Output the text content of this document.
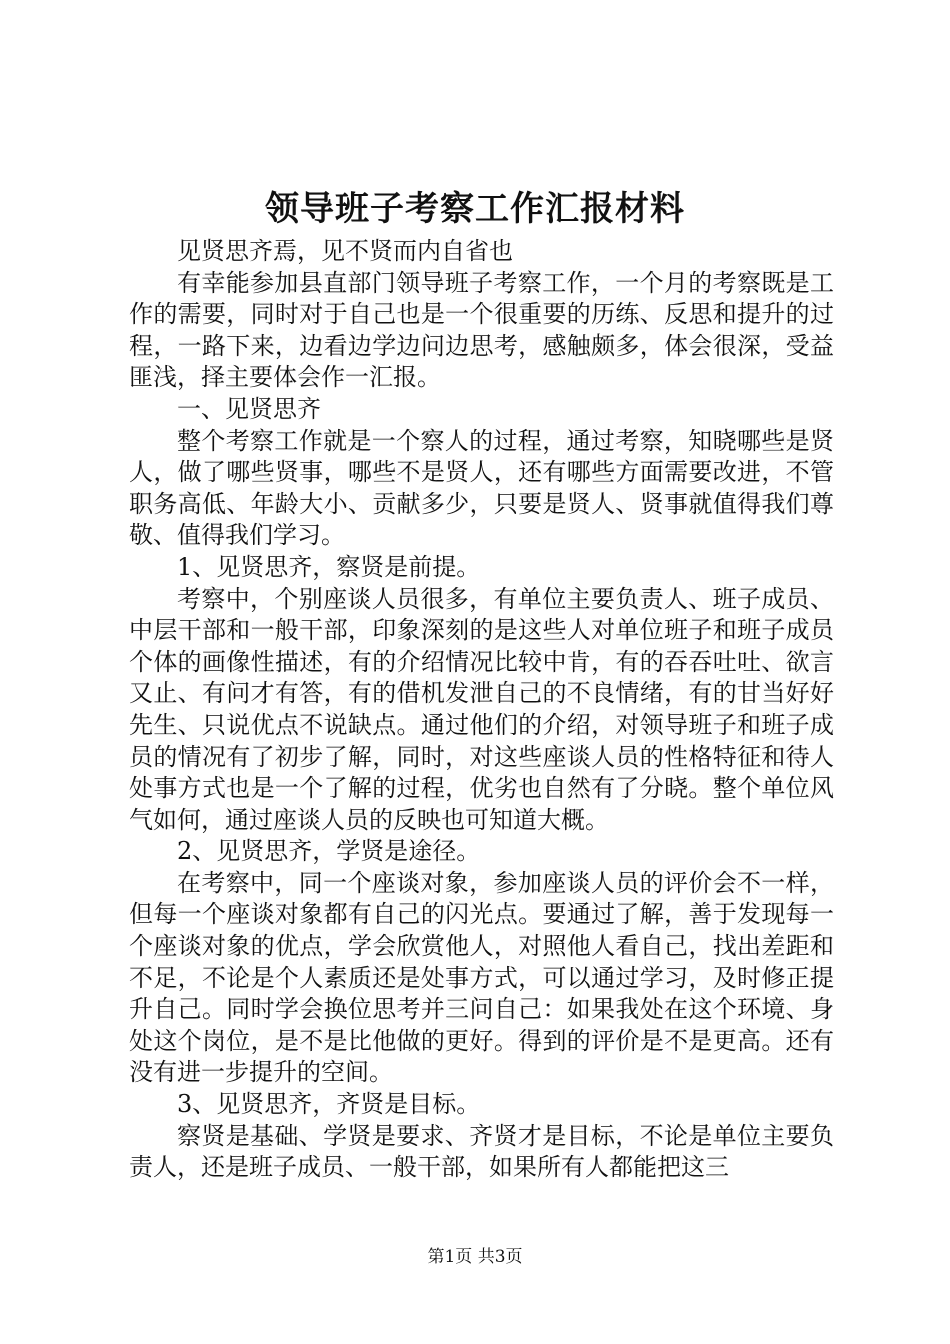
领导班子考察工作汇报材料

见贤思齐焉，见不贤而内自省也

有幸能参加县直部门领导班子考察工作，一个月的考察既是工作的需要，同时对于自己也是一个很重要的历练、反思和提升的过程，一路下来，边看边学边问边思考，感触颇多，体会很深，受益匪浅，择主要体会作一汇报。

一、见贤思齐

整个考察工作就是一个察人的过程，通过考察，知晓哪些是贤人，做了哪些贤事，哪些不是贤人，还有哪些方面需要改进，不管职务高低、年龄大小、贡献多少，只要是贤人、贤事就值得我们尊敬、值得我们学习。

1、见贤思齐，察贤是前提。

考察中，个别座谈人员很多，有单位主要负责人、班子成员、中层干部和一般干部，印象深刻的是这些人对单位班子和班子成员个体的画像性描述，有的介绍情况比较中肯，有的吞吞吐吐、欲言又止、有问才有答，有的借机发泄自己的不良情绪，有的甘当好好先生、只说优点不说缺点。通过他们的介绍，对领导班子和班子成员的情况有了初步了解，同时，对这些座谈人员的性格特征和待人处事方式也是一个了解的过程，优劣也自然有了分晓。整个单位风气如何，通过座谈人员的反映也可知道大概。

2、见贤思齐，学贤是途径。

在考察中，同一个座谈对象，参加座谈人员的评价会不一样，但每一个座谈对象都有自己的闪光点。要通过了解，善于发现每一个座谈对象的优点，学会欣赏他人，对照他人看自己，找出差距和不足，不论是个人素质还是处事方式，可以通过学习，及时修正提升自己。同时学会换位思考并三问自己：如果我处在这个环境、身处这个岗位，是不是比他做的更好。得到的评价是不是更高。还有没有进一步提升的空间。

3、见贤思齐，齐贤是目标。

察贤是基础、学贤是要求、齐贤才是目标，不论是单位主要负责人，还是班子成员、一般干部，如果所有人都能把这三

第1页 共3页
